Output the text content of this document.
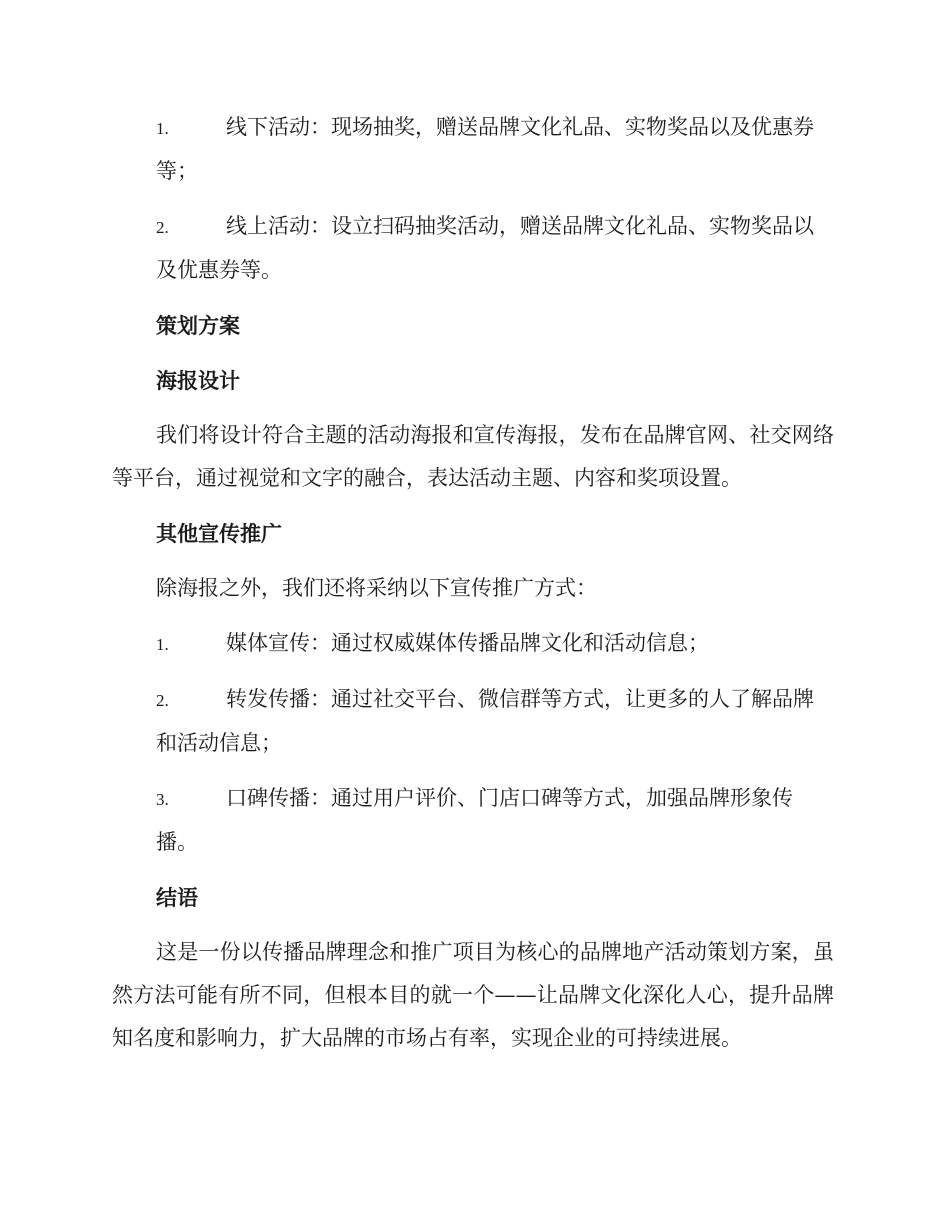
1.	线下活动：现场抽奖，赠送品牌文化礼品、实物奖品以及优惠券等；
2.	线上活动：设立扫码抽奖活动，赠送品牌文化礼品、实物奖品以及优惠券等。
策划方案
海报设计

我们将设计符合主题的活动海报和宣传海报，发布在品牌官网、社交网络等平台，通过视觉和文字的融合，表达活动主题、内容和奖项设置。

其他宣传推广

除海报之外，我们还将采纳以下宣传推广方式：

1.	媒体宣传：通过权威媒体传播品牌文化和活动信息；
2.	转发传播：通过社交平台、微信群等方式，让更多的人了解品牌和活动信息；
3.	口碑传播：通过用户评价、门店口碑等方式，加强品牌形象传播。
结语

这是一份以传播品牌理念和推广项目为核心的品牌地产活动策划方案，虽然方法可能有所不同，但根本目的就一个——让品牌文化深化人心，提升品牌知名度和影响力，扩大品牌的市场占有率，实现企业的可持续进展。
